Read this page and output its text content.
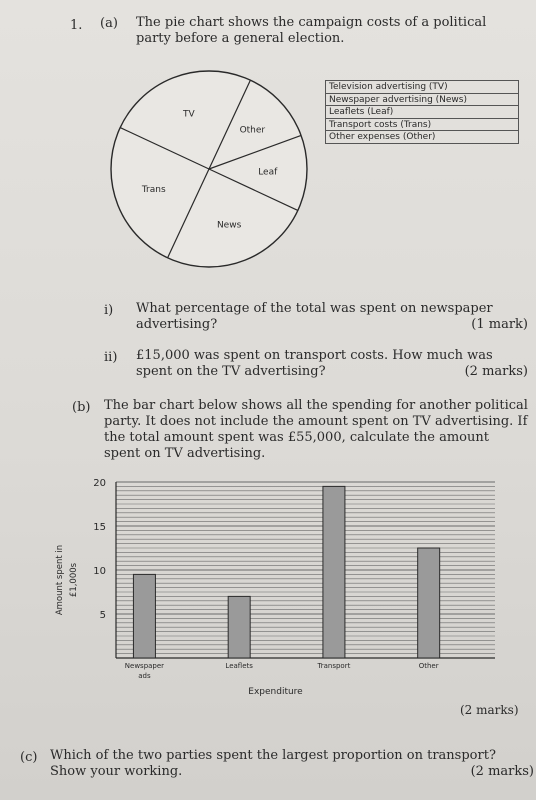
1. (a) The pie chart shows the campaign costs of a political party before a general election.
Other
Leaf
News
Trans
TV
Television advertising (TV)
Newspaper advertising (News)
Leaflets (Leaf)
Transport costs (Trans)
Other expenses (Other)
i) What percentage of the total was spent on newspaper advertising?	(1 mark)
ii) £15,000 was spent on transport costs. How much was spent on the TV advertising?	(2 marks)
(b) The bar chart below shows all the spending for another political party. It does not include the amount spent on TV advertising. If the total amount spent was £55,000, calculate the amount spent on TV advertising.
5
10
15
20
Newspaper
ads
Leaflets	Transport	Other
Expenditure
Amount spent in £1,000s
(2 marks)
(c) Which of the two parties spent the largest proportion on transport? Show your working.	(2 marks)
